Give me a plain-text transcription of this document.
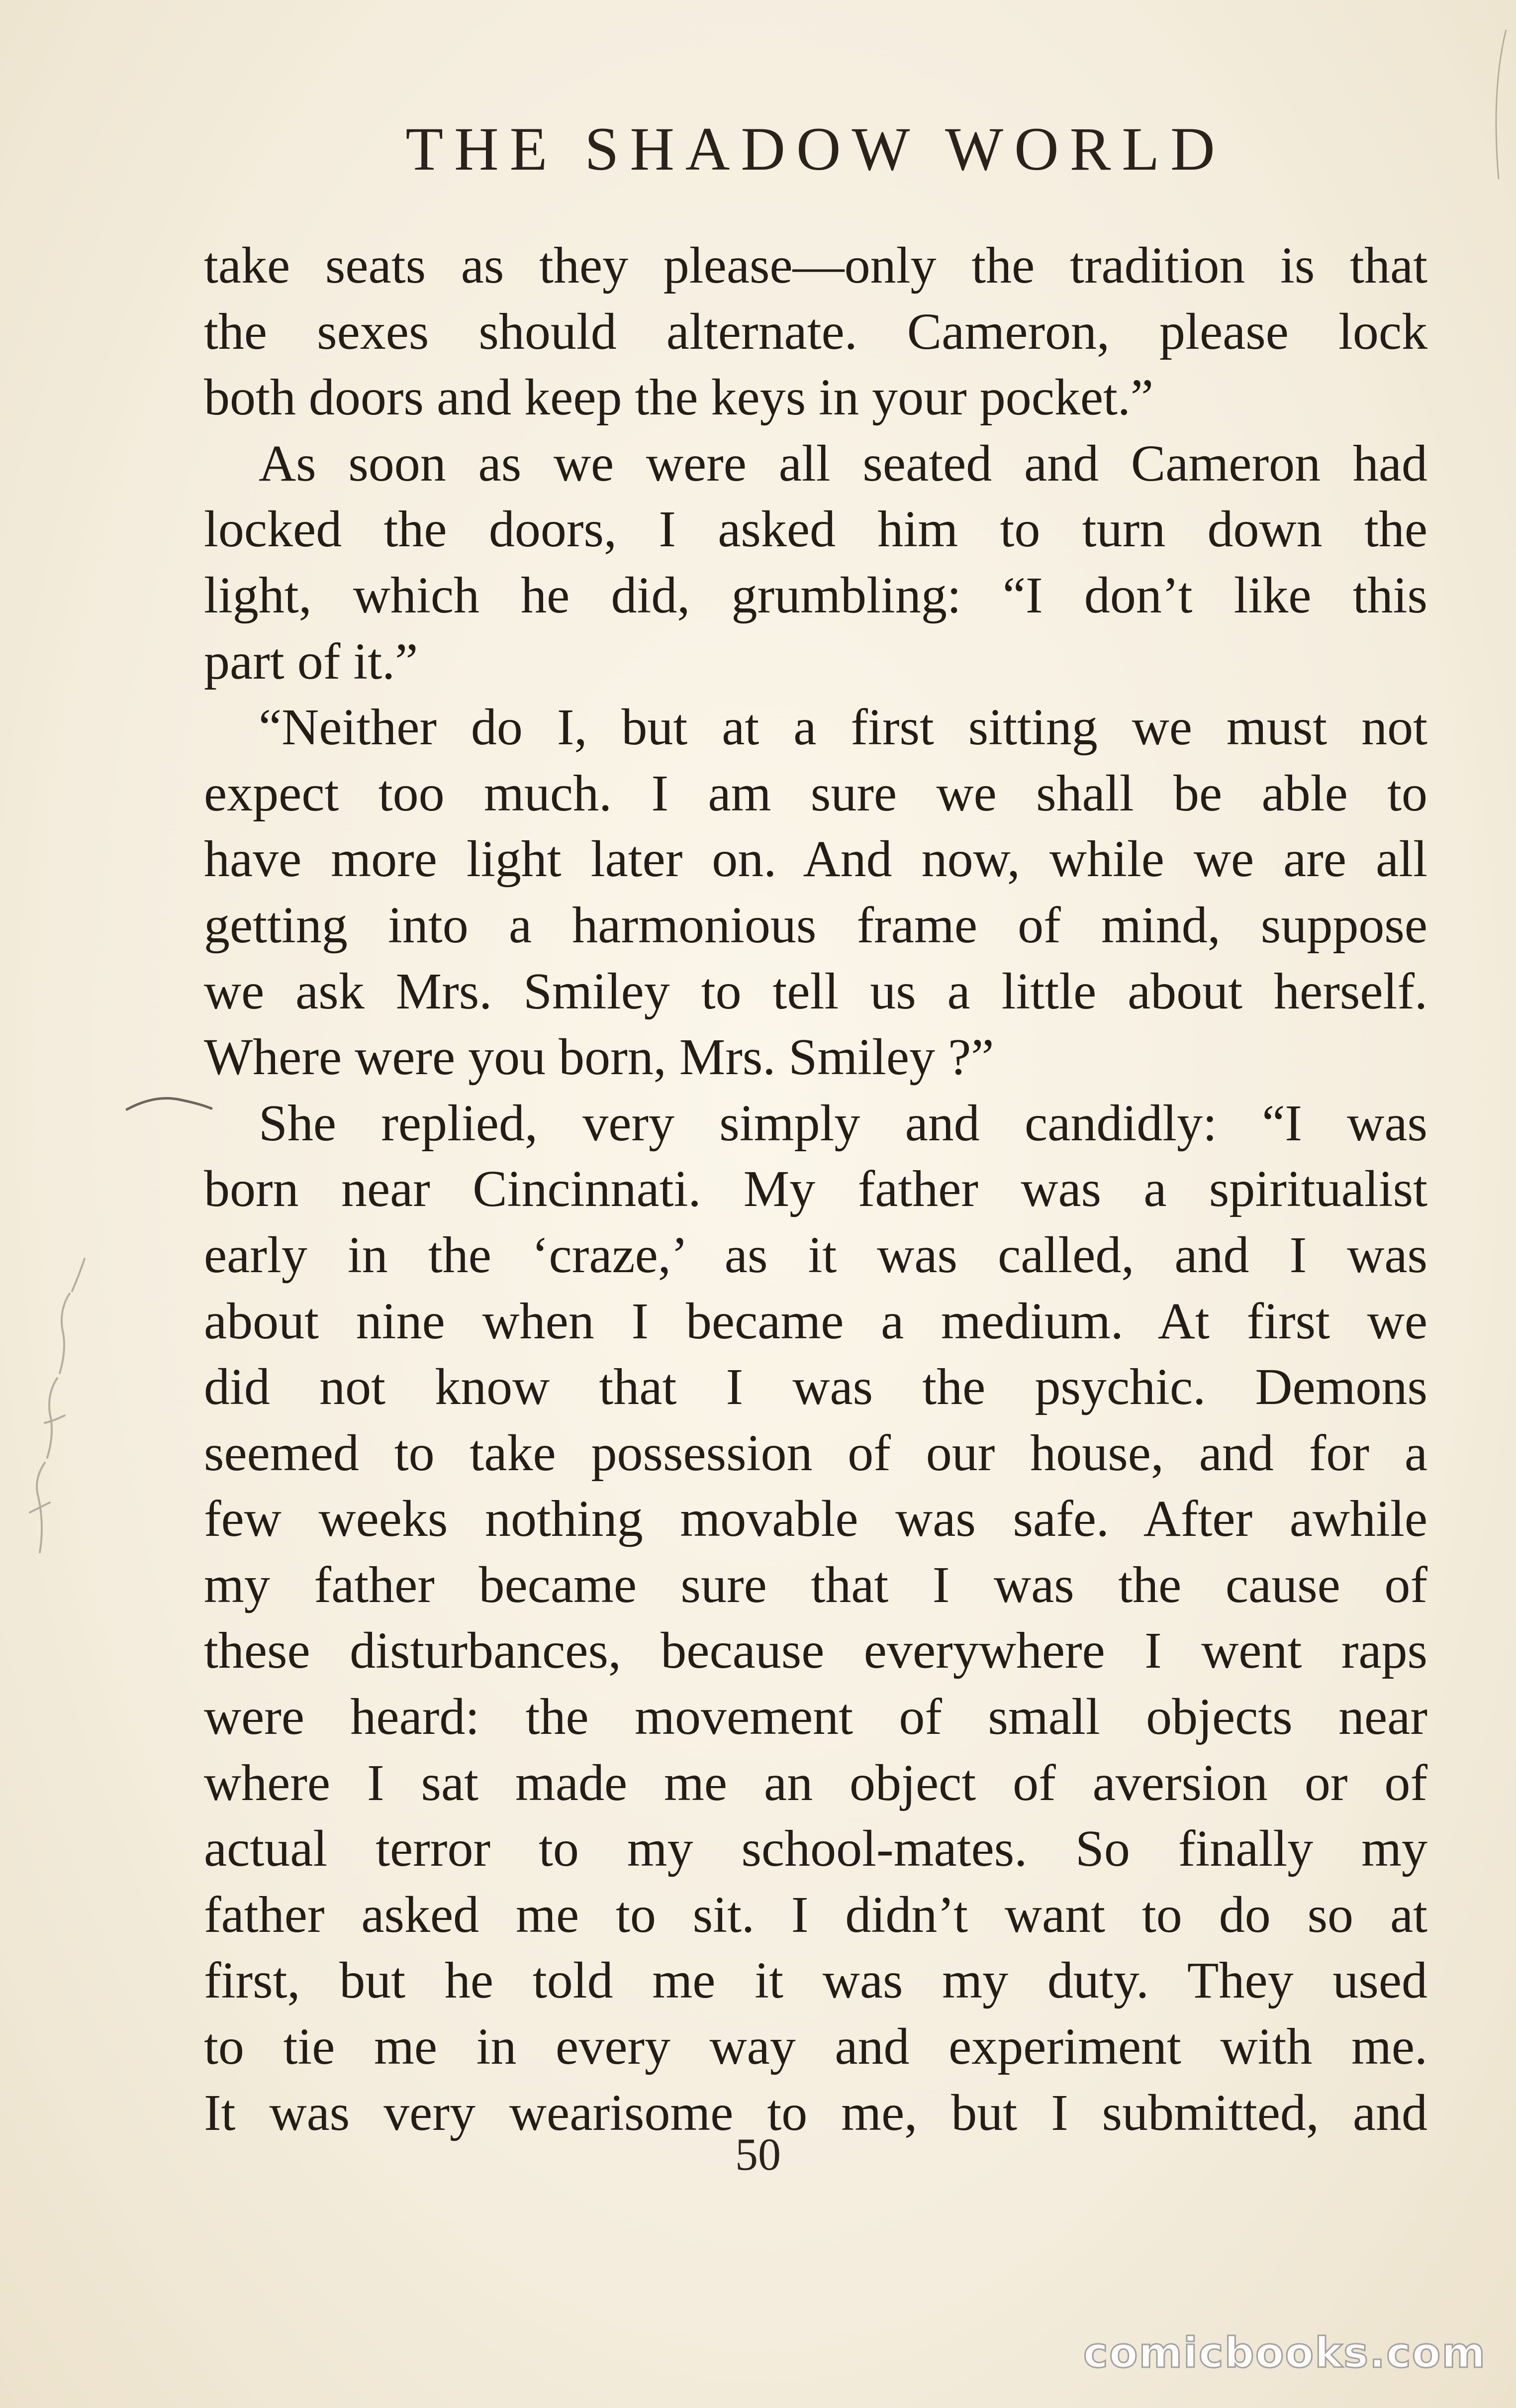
THE SHADOW WORLD
take seats as they please—only the tradition is that
the sexes should alternate. Cameron, please lock
both doors and keep the keys in your pocket.”
As soon as we were all seated and Cameron had
locked the doors, I asked him to turn down the
light, which he did, grumbling: “I don’t like this
part of it.”
“Neither do I, but at a first sitting we must not
expect too much. I am sure we shall be able to
have more light later on. And now, while we are all
getting into a harmonious frame of mind, suppose
we ask Mrs. Smiley to tell us a little about herself.
Where were you born, Mrs. Smiley ?”
She replied, very simply and candidly: “I was
born near Cincinnati. My father was a spiritualist
early in the ‘craze,’ as it was called, and I was
about nine when I became a medium. At first we
did not know that I was the psychic. Demons
seemed to take possession of our house, and for a
few weeks nothing movable was safe. After awhile
my father became sure that I was the cause of
these disturbances, because everywhere I went raps
were heard: the movement of small objects near
where I sat made me an object of aversion or of
actual terror to my school-mates. So finally my
father asked me to sit. I didn’t want to do so at
first, but he told me it was my duty. They used
to tie me in every way and experiment with me.
It was very wearisome to me, but I submitted, and
50
comicbooks.com
